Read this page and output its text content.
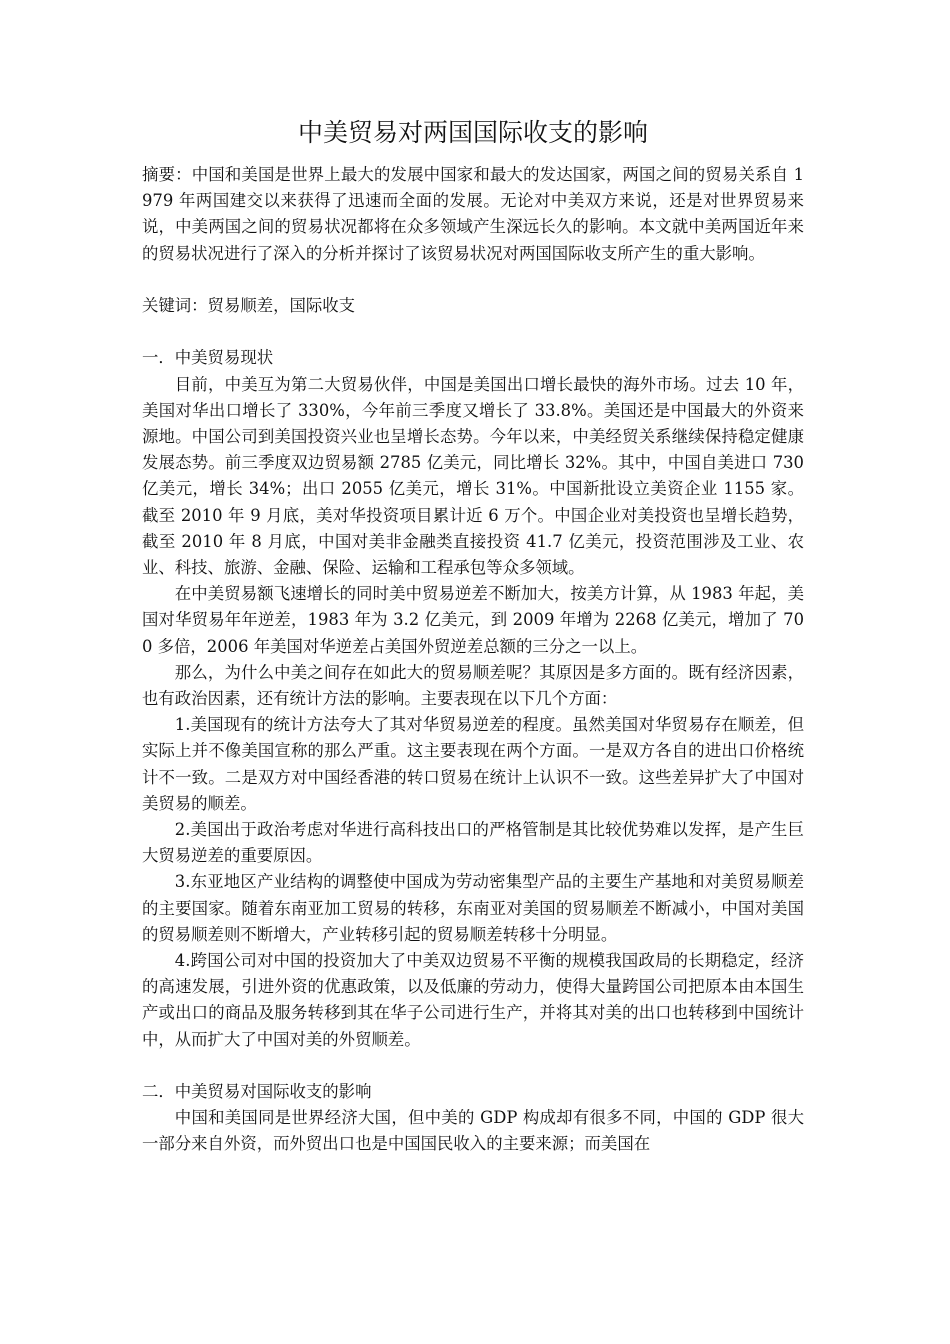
中美贸易对两国国际收支的影响

摘要：中国和美国是世界上最大的发展中国家和最大的发达国家，两国之间的贸易关系自 1979 年两国建交以来获得了迅速而全面的发展。无论对中美双方来说，还是对世界贸易来说，中美两国之间的贸易状况都将在众多领域产生深远长久的影响。本文就中美两国近年来的贸易状况进行了深入的分析并探讨了该贸易状况对两国国际收支所产生的重大影响。

关键词：贸易顺差，国际收支

一．中美贸易现状

目前，中美互为第二大贸易伙伴，中国是美国出口增长最快的海外市场。过去 10 年，美国对华出口增长了 330%，今年前三季度又增长了 33.8%。美国还是中国最大的外资来源地。中国公司到美国投资兴业也呈增长态势。今年以来，中美经贸关系继续保持稳定健康发展态势。前三季度双边贸易额 2785 亿美元，同比增长 32%。其中，中国自美进口 730 亿美元，增长 34%；出口 2055 亿美元，增长 31%。中国新批设立美资企业 1155 家。截至 2010 年 9 月底，美对华投资项目累计近 6 万个。中国企业对美投资也呈增长趋势，截至 2010 年 8 月底，中国对美非金融类直接投资 41.7 亿美元，投资范围涉及工业、农业、科技、旅游、金融、保险、运输和工程承包等众多领域。

在中美贸易额飞速增长的同时美中贸易逆差不断加大，按美方计算，从 1983 年起，美国对华贸易年年逆差，1983 年为 3.2 亿美元，到 2009 年增为 2268 亿美元，增加了 700 多倍，2006 年美国对华逆差占美国外贸逆差总额的三分之一以上。

那么，为什么中美之间存在如此大的贸易顺差呢？其原因是多方面的。既有经济因素，也有政治因素，还有统计方法的影响。主要表现在以下几个方面：

1.美国现有的统计方法夸大了其对华贸易逆差的程度。虽然美国对华贸易存在顺差，但实际上并不像美国宣称的那么严重。这主要表现在两个方面。一是双方各自的进出口价格统计不一致。二是双方对中国经香港的转口贸易在统计上认识不一致。这些差异扩大了中国对美贸易的顺差。

2.美国出于政治考虑对华进行高科技出口的严格管制是其比较优势难以发挥，是产生巨大贸易逆差的重要原因。

3.东亚地区产业结构的调整使中国成为劳动密集型产品的主要生产基地和对美贸易顺差的主要国家。随着东南亚加工贸易的转移，东南亚对美国的贸易顺差不断减小，中国对美国的贸易顺差则不断增大，产业转移引起的贸易顺差转移十分明显。

4.跨国公司对中国的投资加大了中美双边贸易不平衡的规模我国政局的长期稳定，经济的高速发展，引进外资的优惠政策，以及低廉的劳动力，使得大量跨国公司把原本由本国生产或出口的商品及服务转移到其在华子公司进行生产，并将其对美的出口也转移到中国统计中，从而扩大了中国对美的外贸顺差。

二．中美贸易对国际收支的影响

中国和美国同是世界经济大国，但中美的 GDP 构成却有很多不同，中国的 GDP 很大一部分来自外资，而外贸出口也是中国国民收入的主要来源；而美国在
